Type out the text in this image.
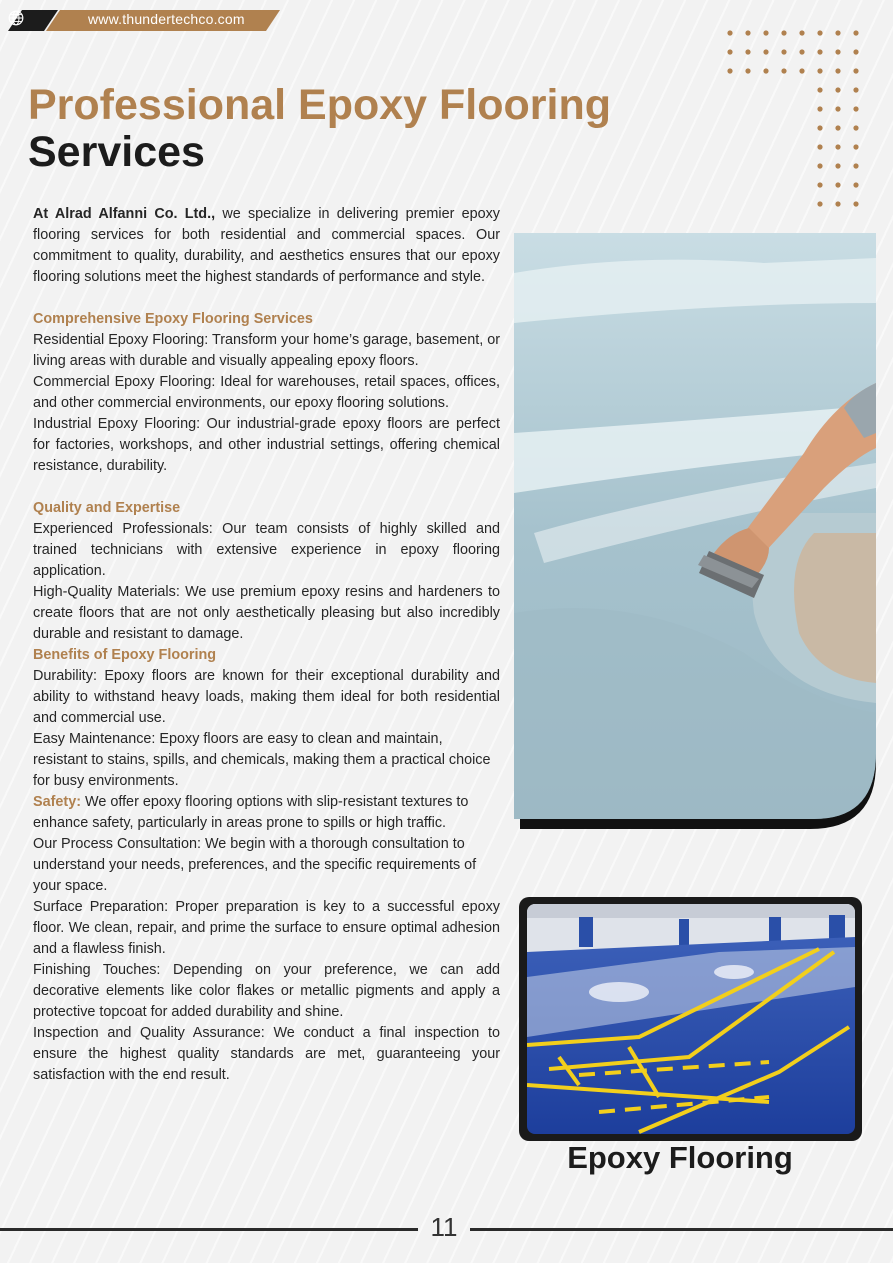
www.thundertechco.com
Professional Epoxy Flooring
Services

At Alrad Alfanni Co. Ltd., we specialize in delivering premier epoxy flooring services for both residential and commercial spaces. Our commitment to quality, durability, and aesthetics ensures that our epoxy flooring solutions meet the highest standards of performance and style.

Comprehensive Epoxy Flooring Services

Residential Epoxy Flooring: Transform your home’s garage, basement, or living areas with durable and visually appealing epoxy floors.

Commercial Epoxy Flooring: Ideal for warehouses, retail spaces, offices, and other commercial environments, our epoxy flooring solutions.

Industrial Epoxy Flooring: Our industrial-grade epoxy floors are perfect for factories, workshops, and other industrial settings, offering chemical resistance, durability.

Quality and Expertise

Experienced Professionals: Our team consists of highly skilled and trained technicians with extensive experience in epoxy flooring application.

High-Quality Materials: We use premium epoxy resins and hardeners to create floors that are not only aesthetically pleasing but also incredibly durable and resistant to damage.

Benefits of Epoxy Flooring

Durability: Epoxy floors are known for their exceptional durability and ability to withstand heavy loads, making them ideal for both residential and commercial use.

Easy Maintenance: Epoxy floors are easy to clean and maintain, resistant to stains, spills, and chemicals, making them a practical choice for busy environments.

Safety: We offer epoxy flooring options with slip-resistant textures to enhance safety, particularly in areas prone to spills or high traffic.

Our Process Consultation: We begin with a thorough consultation to understand your needs, preferences, and the specific requirements of your space.

Surface Preparation: Proper preparation is key to a successful epoxy floor. We clean, repair, and prime the surface to ensure optimal adhesion and a flawless finish.

Finishing Touches: Depending on your preference, we can add decorative elements like color flakes or metallic pigments and apply a protective topcoat for added durability and shine.

Inspection and Quality Assurance: We conduct a final inspection to ensure the highest quality standards are met, guaranteeing your satisfaction with the end result.

Epoxy Flooring
11
